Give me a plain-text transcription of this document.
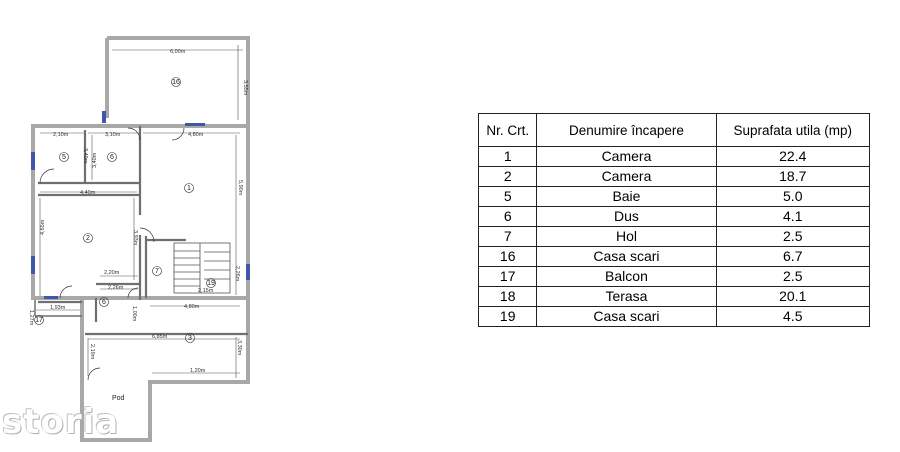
16
5	6
1
2
7
19
6
17
3
6,00m
3,55m
2,10m	3,10m	4,80m
3,40m 3,40m
5,90m
4,40m
4,65m
3,93m
2,20m
2,26m
2,26m
2,15m
4,80m
1,93m
1,27m	1,00m
6,85m
3,30m
2,19m
1,20m
Pod
storia
Nr. Crt.	Denumire încapere	Suprafata utila (mp)
1	Camera	22.4
2	Camera	18.7
5	Baie	5.0
6	Dus	4.1
7	Hol	2.5
16	Casa scari	6.7
17	Balcon	2.5
18	Terasa	20.1
19	Casa scari	4.5
